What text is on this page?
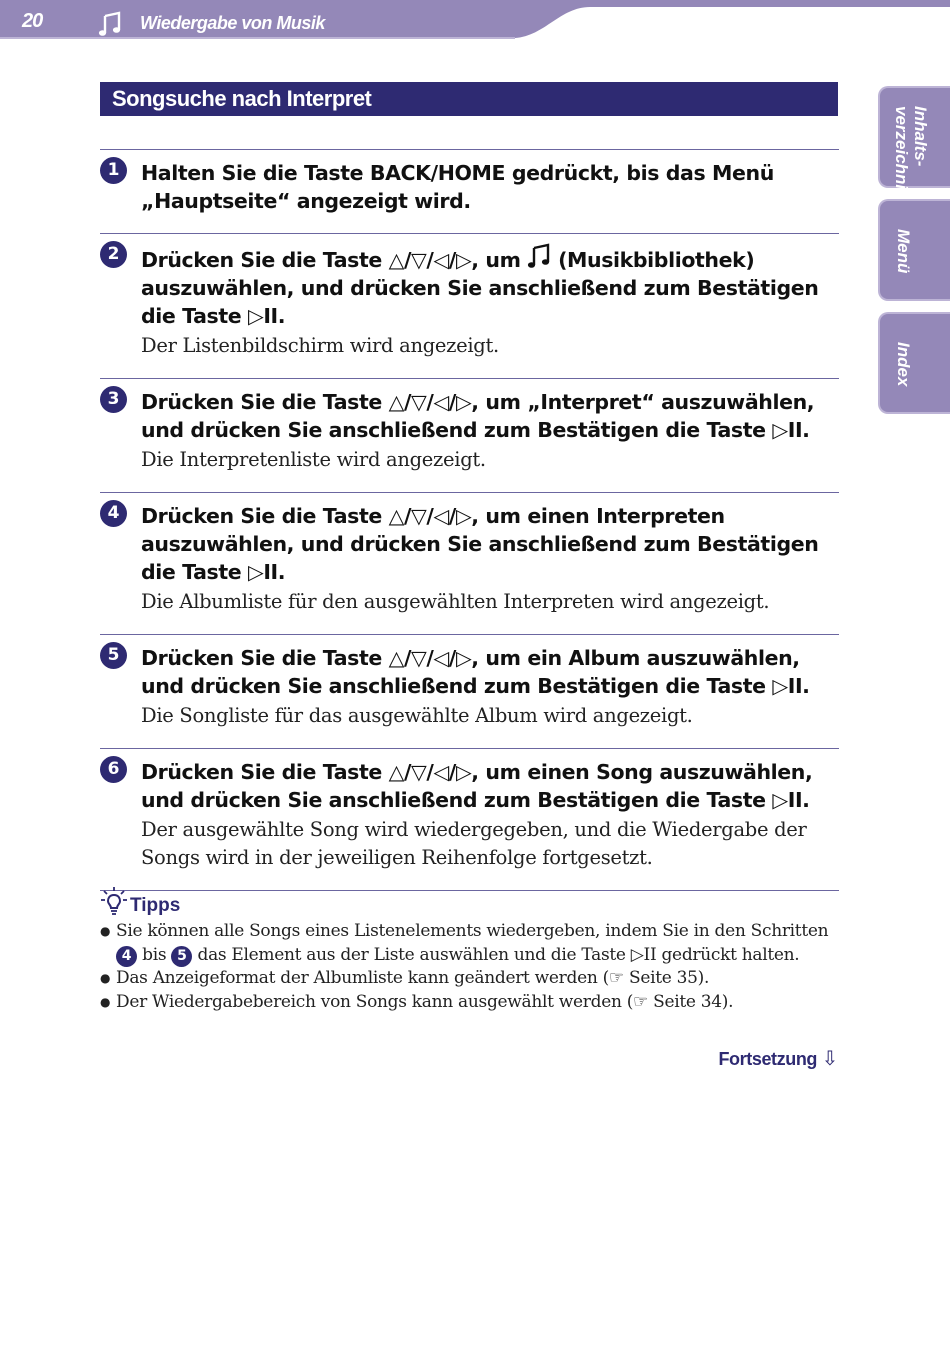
20	Wiedergabe von Musik
Inhalts-
verzeichnis
Menü
Index
Songsuche nach Interpret
1	Halten Sie die Taste BACK/HOME gedrückt, bis das Menü „Hauptseite“ angezeigt wird.
2	Drücken Sie die Taste △/▽/◁/▷, um  (Musikbibliothek) auszuwählen, und drücken Sie anschließend zum Bestätigen die Taste ▷II.
Der Listenbildschirm wird angezeigt.
3	Drücken Sie die Taste △/▽/◁/▷, um „Interpret“ auszuwählen, und drücken Sie anschließend zum Bestätigen die Taste ▷II.
Die Interpretenliste wird angezeigt.
4	Drücken Sie die Taste △/▽/◁/▷, um einen Interpreten auszuwählen, und drücken Sie anschließend zum Bestätigen die Taste ▷II.
Die Albumliste für den ausgewählten Interpreten wird angezeigt.
5	Drücken Sie die Taste △/▽/◁/▷, um ein Album auszuwählen, und drücken Sie anschließend zum Bestätigen die Taste ▷II.
Die Songliste für das ausgewählte Album wird angezeigt.
6	Drücken Sie die Taste △/▽/◁/▷, um einen Song auszuwählen, und drücken Sie anschließend zum Bestätigen die Taste ▷II.
Der ausgewählte Song wird wiedergegeben, und die Wiedergabe der Songs wird in der jeweiligen Reihenfolge fortgesetzt.
Tipps
● Sie können alle Songs eines Listenelements wiedergeben, indem Sie in den Schritten
4 bis 5 das Element aus der Liste auswählen und die Taste ▷II gedrückt halten.
● Das Anzeigeformat der Albumliste kann geändert werden (☞ Seite 35).
● Der Wiedergabebereich von Songs kann ausgewählt werden (☞ Seite 34).
Fortsetzung ⇩
